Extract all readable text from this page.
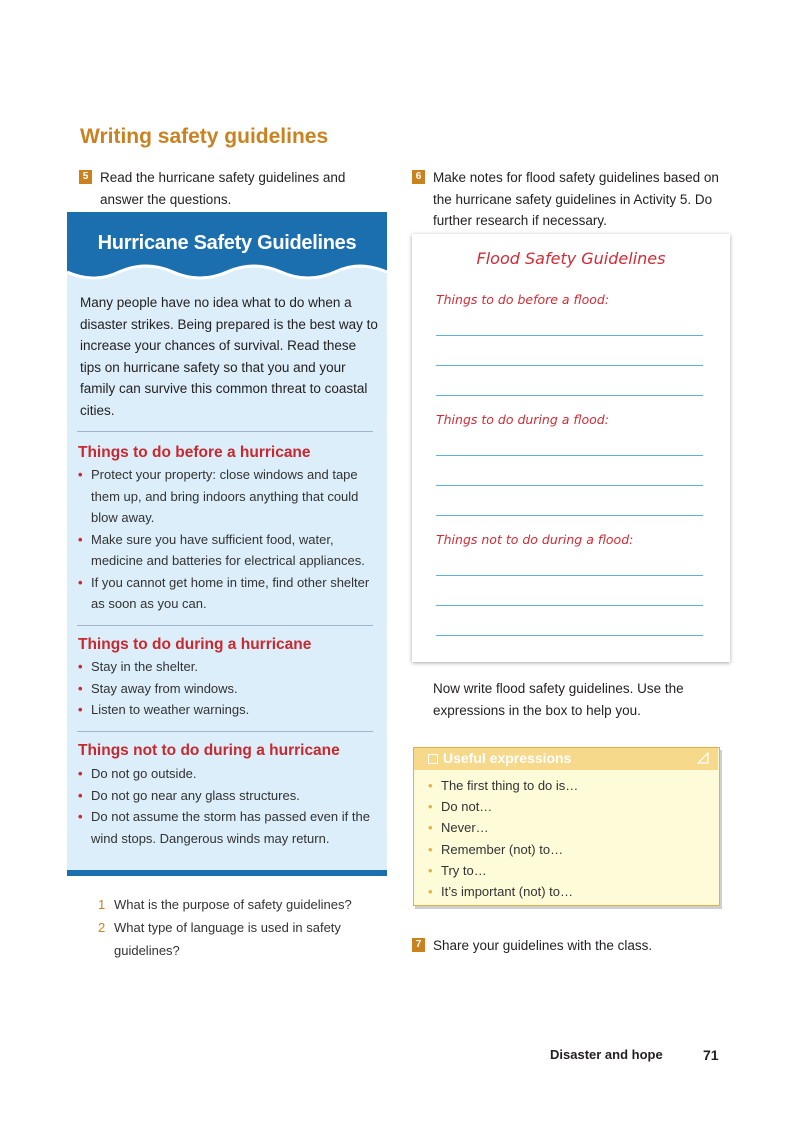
Writing safety guidelines
5 Read the hurricane safety guidelines and answer the questions.
Hurricane Safety Guidelines
Many people have no idea what to do when a disaster strikes. Being prepared is the best way to increase your chances of survival. Read these tips on hurricane safety so that you and your family can survive this common threat to coastal cities.
Things to do before a hurricane
• Protect your property: close windows and tape them up, and bring indoors anything that could blow away.
• Make sure you have sufficient food, water, medicine and batteries for electrical appliances.
• If you cannot get home in time, find other shelter as soon as you can.
Things to do during a hurricane
• Stay in the shelter.
• Stay away from windows.
• Listen to weather warnings.
Things not to do during a hurricane
• Do not go outside.
• Do not go near any glass structures.
• Do not assume the storm has passed even if the wind stops. Dangerous winds may return.
1 What is the purpose of safety guidelines?
2 What type of language is used in safety guidelines?
6 Make notes for flood safety guidelines based on the hurricane safety guidelines in Activity 5. Do further research if necessary.
Flood Safety Guidelines
Things to do before a flood:
Things to do during a flood:
Things not to do during a flood:
Now write flood safety guidelines. Use the expressions in the box to help you.
Useful expressions
• The first thing to do is…
• Do not…
• Never…
• Remember (not) to…
• Try to…
• It’s important (not) to…
7 Share your guidelines with the class.
Disaster and hope	71
